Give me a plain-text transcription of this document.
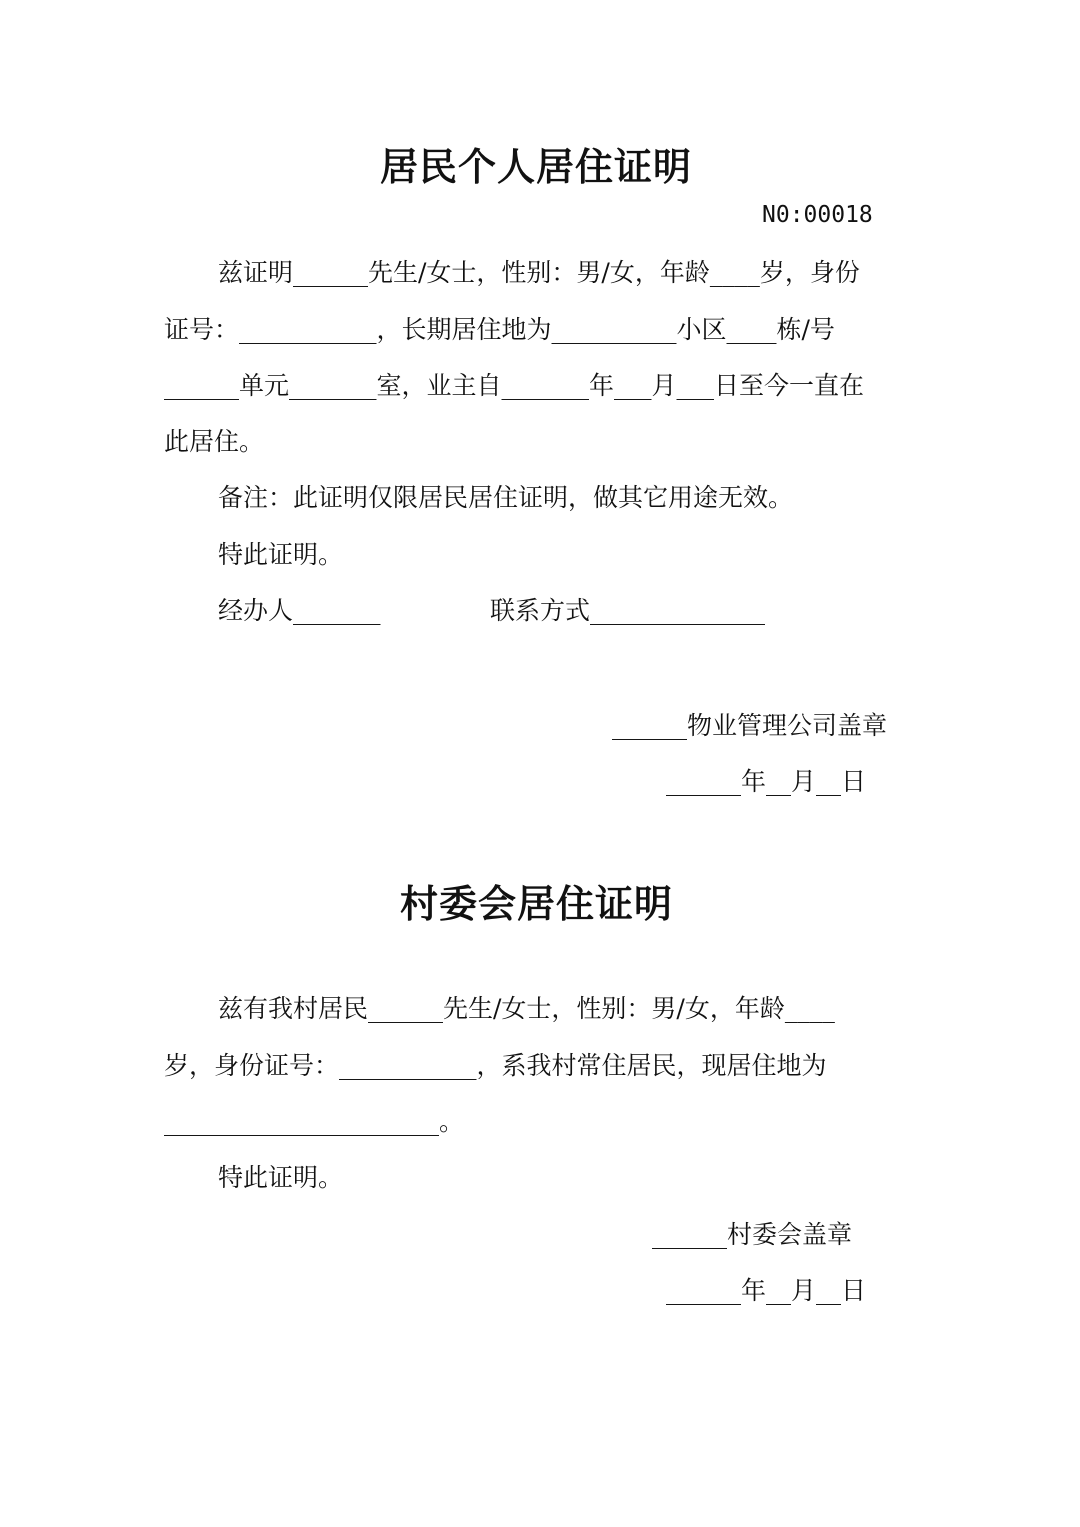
居民个人居住证明
N0:00018
兹证明______先生/女士，性别：男/女，年龄____岁，身份
证号：___________，长期居住地为__________小区____栋/号
______单元_______室，业主自_______年___月___日至今一直在
此居住。
备注：此证明仅限居民居住证明，做其它用途无效。
特此证明。
经办人_______	联系方式______________
______物业管理公司盖章
______年__月__日
村委会居住证明
兹有我村居民______先生/女士，性别：男/女，年龄____
岁，身份证号：___________，系我村常住居民，现居住地为
______________________。
特此证明。
______村委会盖章
______年__月__日
